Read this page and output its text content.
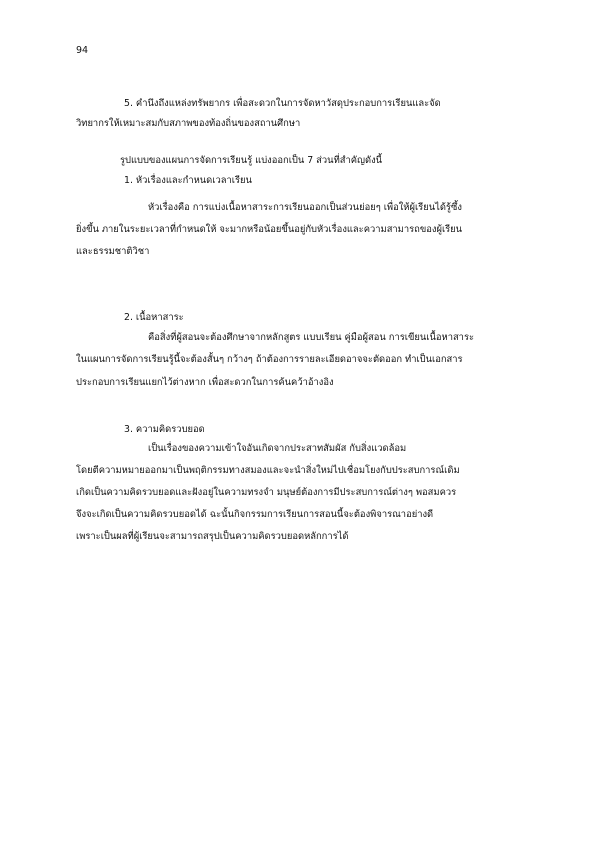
94
5. คำนึงถึงแหล่งทรัพยากร เพื่อสะดวกในการจัดหาวัสดุประกอบการเรียนและจัด
วิทยากรให้เหมาะสมกับสภาพของท้องถิ่นของสถานศึกษา
รูปแบบของแผนการจัดการเรียนรู้ แบ่งออกเป็น 7 ส่วนที่สำคัญดังนี้
1. หัวเรื่องและกำหนดเวลาเรียน
หัวเรื่องคือ การแบ่งเนื้อหาสาระการเรียนออกเป็นส่วนย่อยๆ เพื่อให้ผู้เรียนได้รู้ซึ้ง
ยิ่งขึ้น ภายในระยะเวลาที่กำหนดให้ จะมากหรือน้อยขึ้นอยู่กับหัวเรื่องและความสามารถของผู้เรียน
และธรรมชาติวิชา
2. เนื้อหาสาระ
คือสิ่งที่ผู้สอนจะต้องศึกษาจากหลักสูตร แบบเรียน คู่มือผู้สอน การเขียนเนื้อหาสาระ
ในแผนการจัดการเรียนรู้นี้จะต้องสั้นๆ กว้างๆ ถ้าต้องการรายละเอียดอาจจะตัดออก ทำเป็นเอกสาร
ประกอบการเรียนแยกไว้ต่างหาก เพื่อสะดวกในการค้นคว้าอ้างอิง
3. ความคิดรวบยอด
เป็นเรื่องของความเข้าใจอันเกิดจากประสาทสัมผัส กับสิ่งแวดล้อม
โดยตีความหมายออกมาเป็นพฤติกรรมทางสมองและจะนำสิ่งใหม่ไปเชื่อมโยงกับประสบการณ์เดิม
เกิดเป็นความคิดรวบยอดและฝังอยู่ในความทรงจำ มนุษย์ต้องการมีประสบการณ์ต่างๆ พอสมควร
จึงจะเกิดเป็นความคิดรวบยอดได้ ฉะนั้นกิจกรรมการเรียนการสอนนี้จะต้องพิจารณาอย่างดี
เพราะเป็นผลที่ผู้เรียนจะสามารถสรุปเป็นความคิดรวบยอดหลักการได้
